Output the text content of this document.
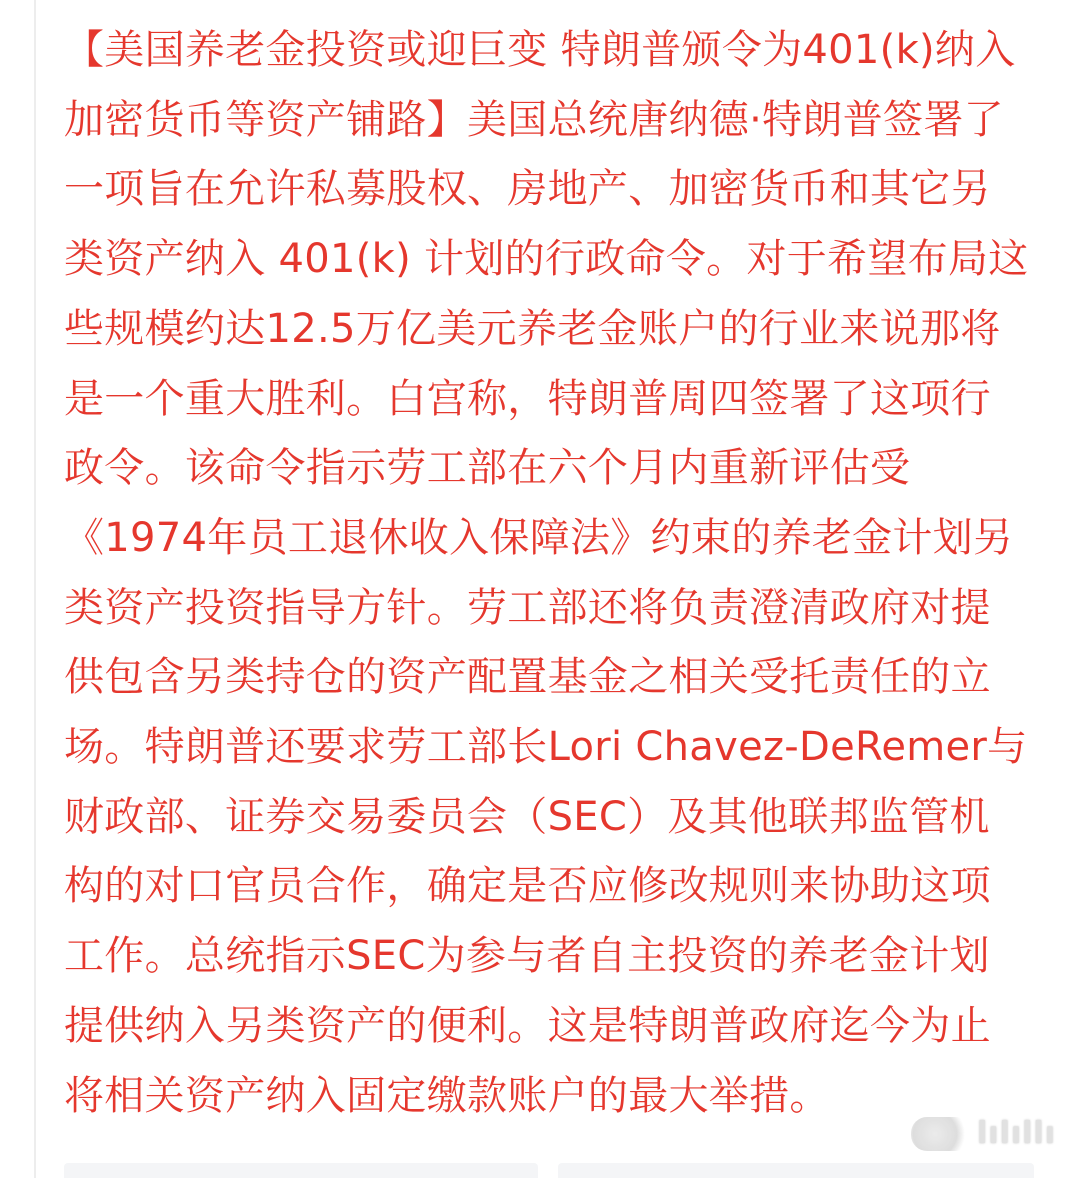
【美国养老金投资或迎巨变 特朗普颁令为401(k)纳入
加密货币等资产铺路】美国总统唐纳德·特朗普签署了
一项旨在允许私募股权、房地产、加密货币和其它另
类资产纳入 401(k) 计划的行政命令。对于希望布局这
些规模约达12.5万亿美元养老金账户的行业来说那将
是一个重大胜利。白宫称，特朗普周四签署了这项行
政令。该命令指示劳工部在六个月内重新评估受
《1974年员工退休收入保障法》约束的养老金计划另
类资产投资指导方针。劳工部还将负责澄清政府对提
供包含另类持仓的资产配置基金之相关受托责任的立
场。特朗普还要求劳工部长Lori Chavez-DeRemer与
财政部、证券交易委员会（SEC）及其他联邦监管机
构的对口官员合作，确定是否应修改规则来协助这项
工作。总统指示SEC为参与者自主投资的养老金计划
提供纳入另类资产的便利。这是特朗普政府迄今为止
将相关资产纳入固定缴款账户的最大举措。
lılıllı
